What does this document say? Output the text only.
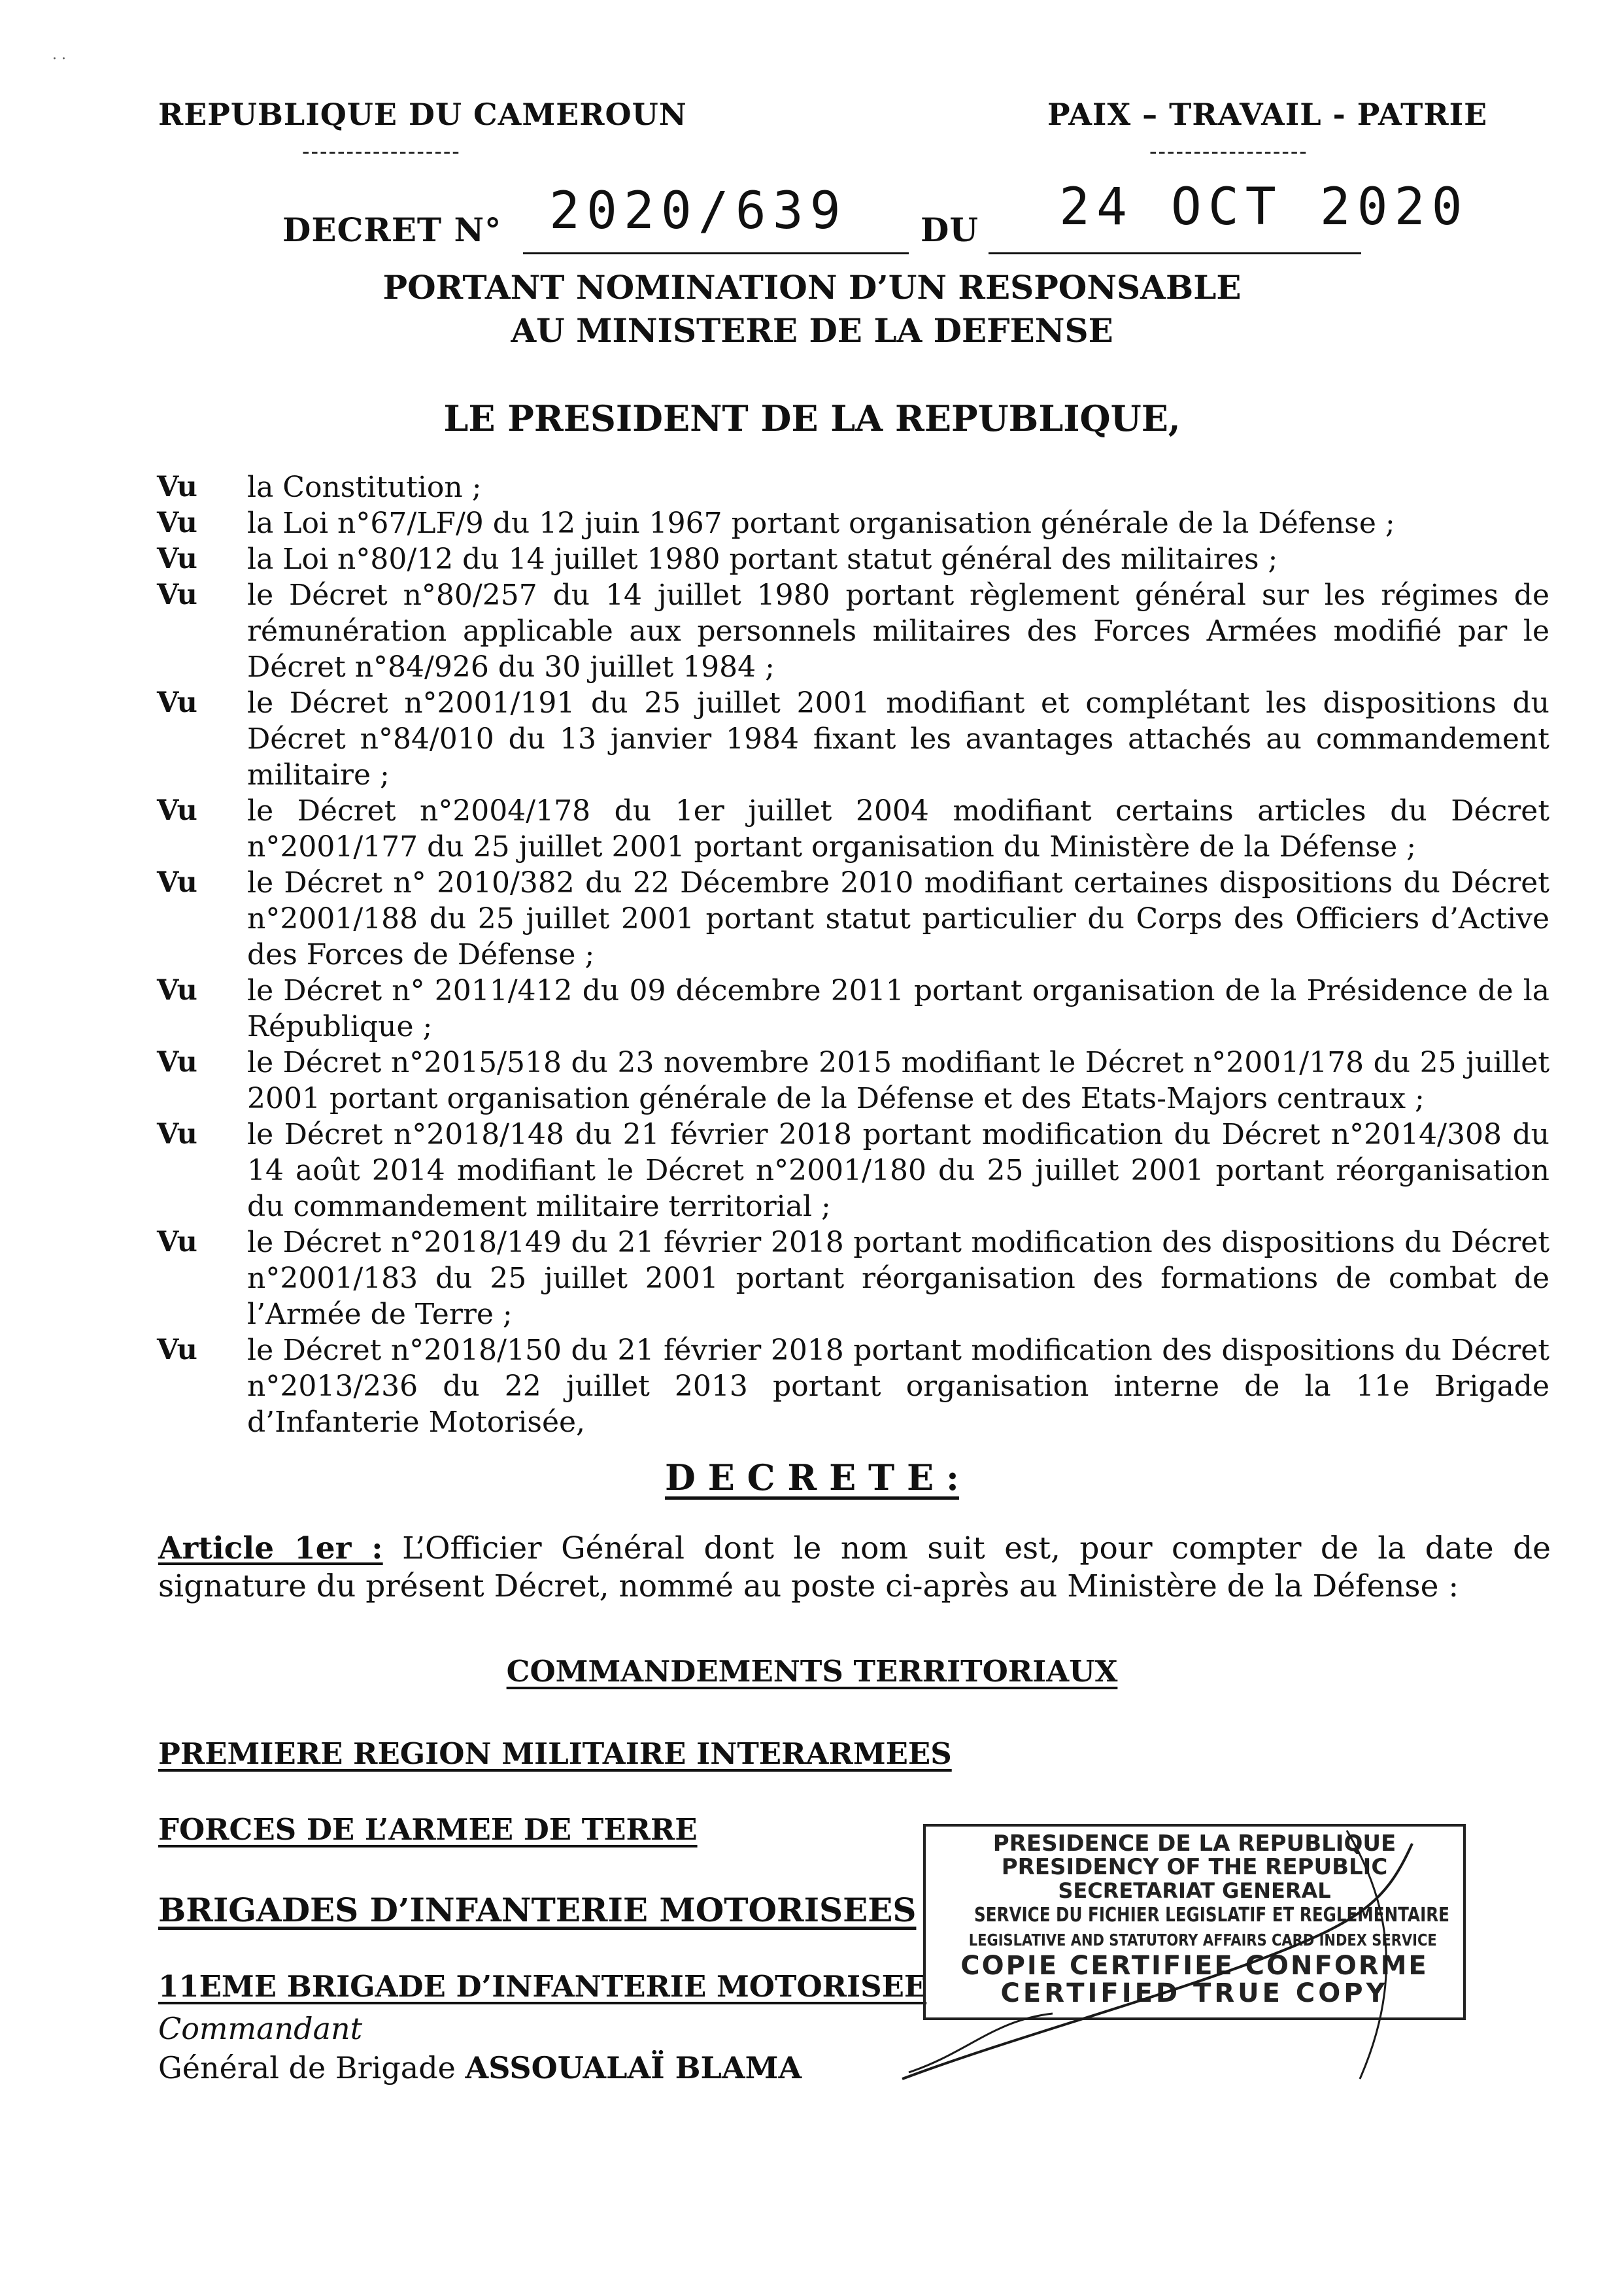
REPUBLIQUE DU CAMEROUN
------------------
PAIX – TRAVAIL - PATRIE
------------------
DECRET N° 2020/639 DU 24 OCT 2020
PORTANT NOMINATION D’UN RESPONSABLE
AU MINISTERE DE LA DEFENSE
LE PRESIDENT DE LA REPUBLIQUE,
Vu	la Constitution ;
Vu	la Loi n°67/LF/9 du 12 juin 1967 portant organisation générale de la Défense ;
Vu	la Loi n°80/12 du 14 juillet 1980 portant statut général des militaires ;
Vu	le Décret n°80/257 du 14 juillet 1980 portant règlement général sur les régimes de rémunération applicable aux personnels militaires des Forces Armées modifié par le Décret n°84/926 du 30 juillet 1984 ;
Vu	le Décret n°2001/191 du 25 juillet 2001 modifiant et complétant les dispositions du Décret n°84/010 du 13 janvier 1984 fixant les avantages attachés au commandement militaire ;
Vu	le Décret n°2004/178 du 1er juillet 2004 modifiant certains articles du Décret n°2001/177 du 25 juillet 2001 portant organisation du Ministère de la Défense ;
Vu	le Décret n° 2010/382 du 22 Décembre 2010 modifiant certaines dispositions du Décret n°2001/188 du 25 juillet 2001 portant statut particulier du Corps des Officiers d’Active des Forces de Défense ;
Vu	le Décret n° 2011/412 du 09 décembre 2011 portant organisation de la Présidence de la République ;
Vu	le Décret n°2015/518 du 23 novembre 2015 modifiant le Décret n°2001/178 du 25 juillet 2001 portant organisation générale de la Défense et des Etats-Majors centraux ;
Vu	le Décret n°2018/148 du 21 février 2018 portant modification du Décret n°2014/308 du 14 août 2014 modifiant le Décret n°2001/180 du 25 juillet 2001 portant réorganisation du commandement militaire territorial ;
Vu	le Décret n°2018/149 du 21 février 2018 portant modification des dispositions du Décret n°2001/183 du 25 juillet 2001 portant réorganisation des formations de combat de l’Armée de Terre ;
Vu	le Décret n°2018/150 du 21 février 2018 portant modification des dispositions du Décret n°2013/236 du 22 juillet 2013 portant organisation interne de la 11e Brigade d’Infanterie Motorisée,
D E C R E T E :
Article 1er : L’Officier Général dont le nom suit est, pour compter de la date de signature du présent Décret, nommé au poste ci-après au Ministère de la Défense :
COMMANDEMENTS TERRITORIAUX
PREMIERE REGION MILITAIRE INTERARMEES
FORCES DE L’ARMEE DE TERRE
BRIGADES D’INFANTERIE MOTORISEES
11EME BRIGADE D’INFANTERIE MOTORISEE
Commandant
Général de Brigade ASSOUALAÏ BLAMA
PRESIDENCE DE LA REPUBLIQUE
PRESIDENCY OF THE REPUBLIC
SECRETARIAT GENERAL
SERVICE DU FICHIER LEGISLATIF ET REGLEMENTAIRE
LEGISLATIVE AND STATUTORY AFFAIRS CARD INDEX SERVICE
COPIE CERTIFIEE CONFORME
CERTIFIED TRUE COPY
· ·
